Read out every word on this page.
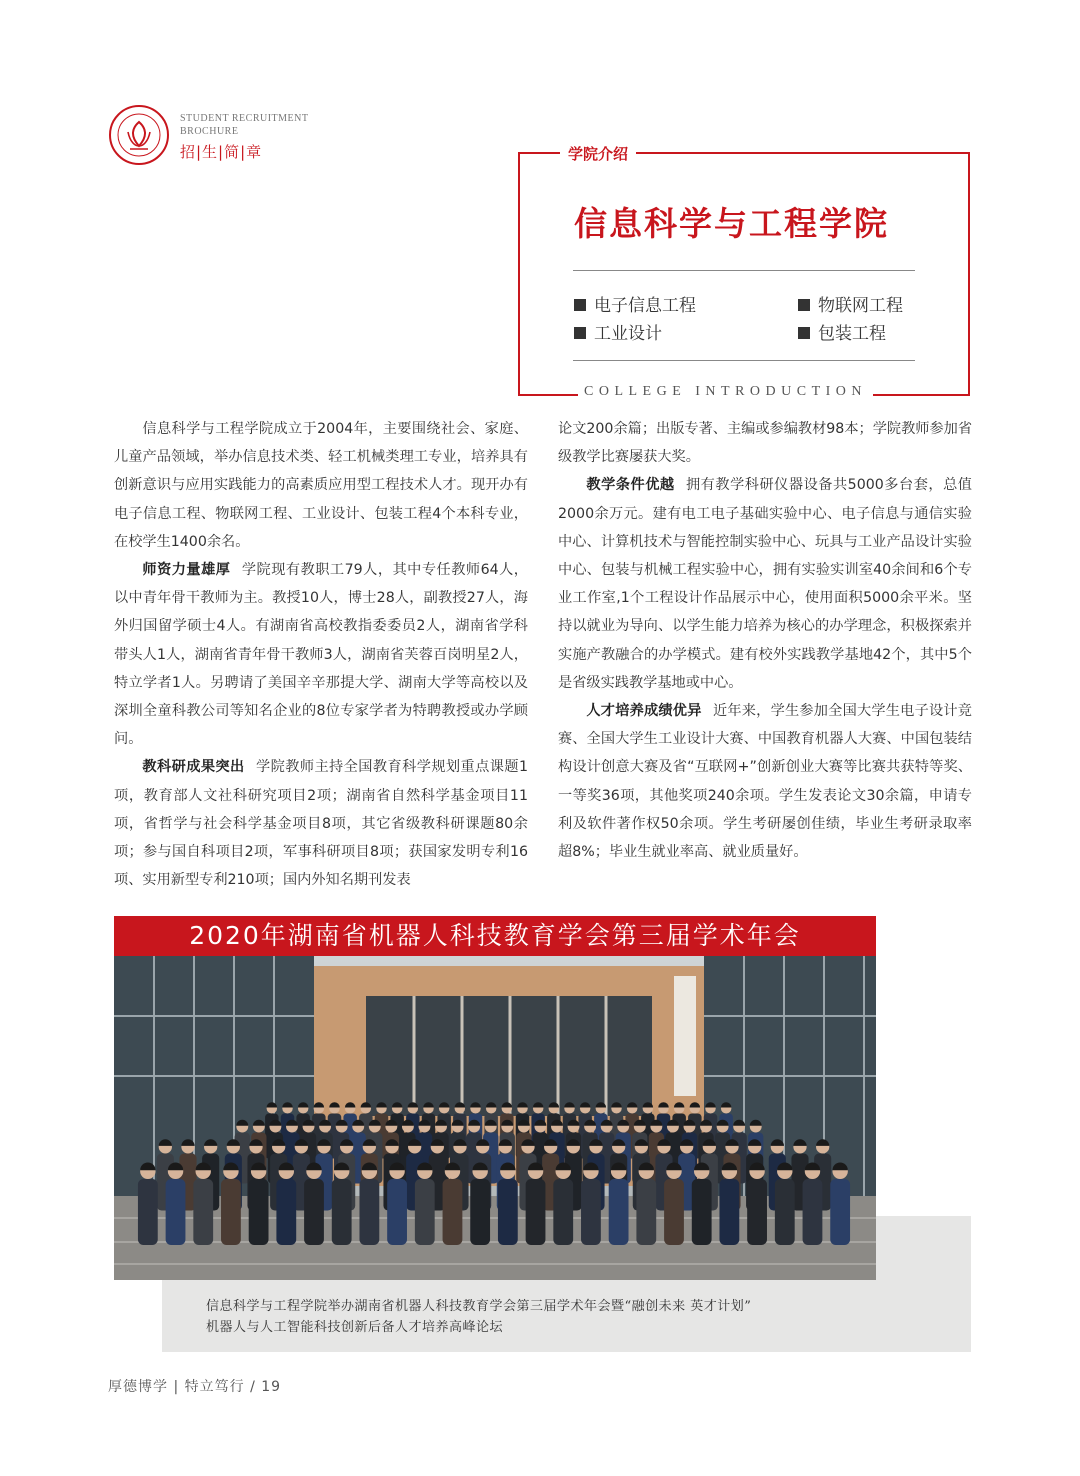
STUDENT RECRUITMENT
BROCHURE
招|生|简|章	学院介绍
信息科学与工程学院
电子信息工程	物联网工程
工业设计	包装工程
COLLEGE INTRODUCTION

信息科学与工程学院成立于2004年，主要围绕社会、家庭、儿童产品领域，举办信息技术类、轻工机械类理工专业，培养具有创新意识与应用实践能力的高素质应用型工程技术人才。现开办有电子信息工程、物联网工程、工业设计、包装工程4个本科专业，在校学生1400余名。

师资力量雄厚 学院现有教职工79人，其中专任教师64人，以中青年骨干教师为主。教授10人，博士28人，副教授27人，海外归国留学硕士4人。有湖南省高校教指委委员2人，湖南省学科带头人1人，湖南省青年骨干教师3人，湖南省芙蓉百岗明星2人，特立学者1人。另聘请了美国辛辛那提大学、湖南大学等高校以及深圳全童科教公司等知名企业的8位专家学者为特聘教授或办学顾问。

教科研成果突出 学院教师主持全国教育科学规划重点课题1项，教育部人文社科研究项目2项；湖南省自然科学基金项目11项，省哲学与社会科学基金项目8项，其它省级教科研课题80余项；参与国自科项目2项，军事科研项目8项；获国家发明专利16项、实用新型专利210项；国内外知名期刊发表

论文200余篇；出版专著、主编或参编教材98本；学院教师参加省级教学比赛屡获大奖。

教学条件优越 拥有教学科研仪器设备共5000多台套，总值2000余万元。建有电工电子基础实验中心、电子信息与通信实验中心、计算机技术与智能控制实验中心、玩具与工业产品设计实验中心、包装与机械工程实验中心，拥有实验实训室40余间和6个专业工作室,1个工程设计作品展示中心，使用面积5000余平米。坚持以就业为导向、以学生能力培养为核心的办学理念，积极探索并实施产教融合的办学模式。建有校外实践教学基地42个，其中5个是省级实践教学基地或中心。

人才培养成绩优异 近年来，学生参加全国大学生电子设计竞赛、全国大学生工业设计大赛、中国教育机器人大赛、中国包装结构设计创意大赛及省“互联网+”创新创业大赛等比赛共获特等奖、一等奖36项，其他奖项240余项。学生发表论文30余篇，申请专利及软件著作权50余项。学生考研屡创佳绩，毕业生考研录取率超8%；毕业生就业率高、就业质量好。

2020年湖南省机器人科技教育学会第三届学术年会
信息科学与工程学院举办湖南省机器人科技教育学会第三届学术年会暨“融创未来 英才计划”
机器人与人工智能科技创新后备人才培养高峰论坛
厚德博学 | 特立笃行 / 19
